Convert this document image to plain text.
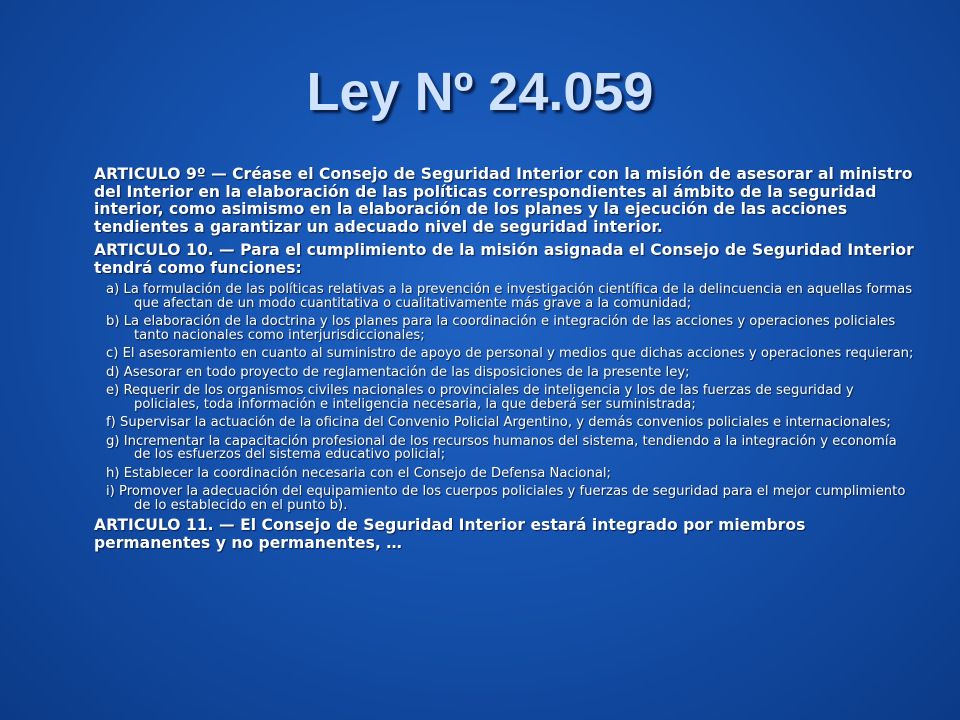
Ley Nº 24.059

ARTICULO 9º — Créase el Consejo de Seguridad Interior con la misión de asesorar al ministro del Interior en la elaboración de las políticas correspondientes al ámbito de la seguridad interior, como asimismo en la elaboración de los planes y la ejecución de las acciones tendientes a garantizar un adecuado nivel de seguridad interior.

ARTICULO 10. — Para el cumplimiento de la misión asignada el Consejo de Seguridad Interior tendrá como funciones:

a) La formulación de las políticas relativas a la prevención e investigación científica de la delincuencia en aquellas formas que afectan de un modo cuantitativa o cualitativamente más grave a la comunidad;
b) La elaboración de la doctrina y los planes para la coordinación e integración de las acciones y operaciones policiales tanto nacionales como interjurisdiccionales;
c) El asesoramiento en cuanto al suministro de apoyo de personal y medios que dichas acciones y operaciones requieran;
d) Asesorar en todo proyecto de reglamentación de las disposiciones de la presente ley;
e) Requerir de los organismos civiles nacionales o provinciales de inteligencia y los de las fuerzas de seguridad y policiales, toda información e inteligencia necesaria, la que deberá ser suministrada;
f) Supervisar la actuación de la oficina del Convenio Policial Argentino, y demás convenios policiales e internacionales;
g) Incrementar la capacitación profesional de los recursos humanos del sistema, tendiendo a la integración y economía de los esfuerzos del sistema educativo policial;
h) Establecer la coordinación necesaria con el Consejo de Defensa Nacional;
i) Promover la adecuación del equipamiento de los cuerpos policiales y fuerzas de seguridad para el mejor cumplimiento de lo establecido en el punto b).

ARTICULO 11. — El Consejo de Seguridad Interior estará integrado por miembros permanentes y no permanentes, …
